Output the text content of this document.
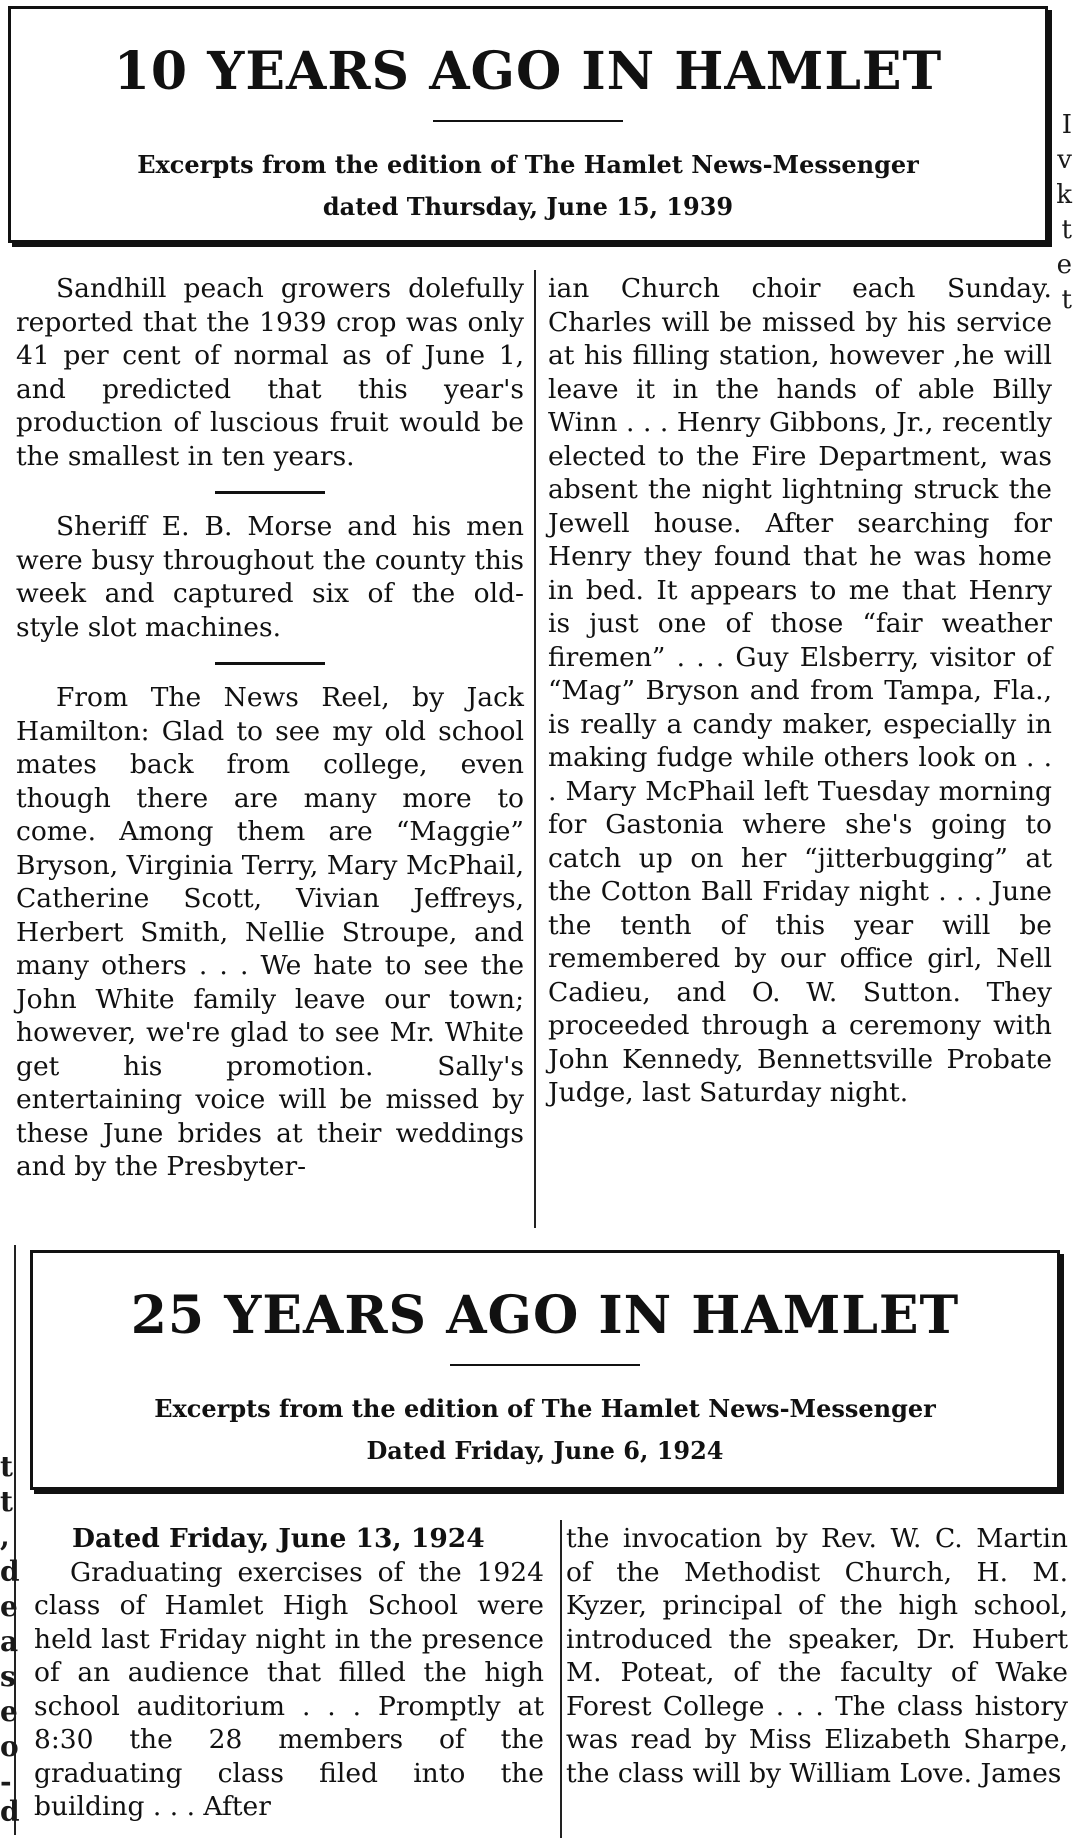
t
t
,
d
e
a
s
e
o
-
d
I
v
k
t
e
t
10 YEARS AGO IN HAMLET
Excerpts from the edition of The Hamlet News-Messenger
dated Thursday, June 15, 1939

Sandhill peach growers dolefully reported that the 1939 crop was only 41 per cent of normal as of June 1, and predicted that this year's production of luscious fruit would be the smallest in ten years.

Sheriff E. B. Morse and his men were busy throughout the county this week and captured six of the old-style slot machines.

From The News Reel, by Jack Hamilton: Glad to see my old school mates back from college, even though there are many more to come. Among them are “Maggie” Bryson, Virginia Terry, Mary McPhail, Catherine Scott, Vivian Jeffreys, Herbert Smith, Nellie Stroupe, and many others . . . We hate to see the John White family leave our town; however, we're glad to see Mr. White get his promotion. Sally's entertaining voice will be missed by these June brides at their weddings and by the Presbyter-

ian Church choir each Sunday. Charles will be missed by his service at his filling station, however ,he will leave it in the hands of able Billy Winn . . . Henry Gibbons, Jr., recently elected to the Fire Department, was absent the night lightning struck the Jewell house. After searching for Henry they found that he was home in bed. It appears to me that Henry is just one of those “fair weather firemen” . . . Guy Elsberry, visitor of “Mag” Bryson and from Tampa, Fla., is really a candy maker, especially in making fudge while others look on . . . Mary McPhail left Tuesday morning for Gastonia where she's going to catch up on her “jitterbugging” at the Cotton Ball Friday night . . . June the tenth of this year will be remembered by our office girl, Nell Cadieu, and O. W. Sutton. They proceeded through a ceremony with John Kennedy, Bennettsville Probate Judge, last Saturday night.

25 YEARS AGO IN HAMLET
Excerpts from the edition of The Hamlet News-Messenger
Dated Friday, June 6, 1924

Dated Friday, June 13, 1924

Graduating exercises of the 1924 class of Hamlet High School were held last Friday night in the presence of an audience that filled the high school auditorium . . . Promptly at 8:30 the 28 members of the graduating class filed into the building . . . After

the invocation by Rev. W. C. Martin of the Methodist Church, H. M. Kyzer, principal of the high school, introduced the speaker, Dr. Hubert M. Poteat, of the faculty of Wake Forest College . . . The class history was read by Miss Elizabeth Sharpe, the class will by William Love. James
